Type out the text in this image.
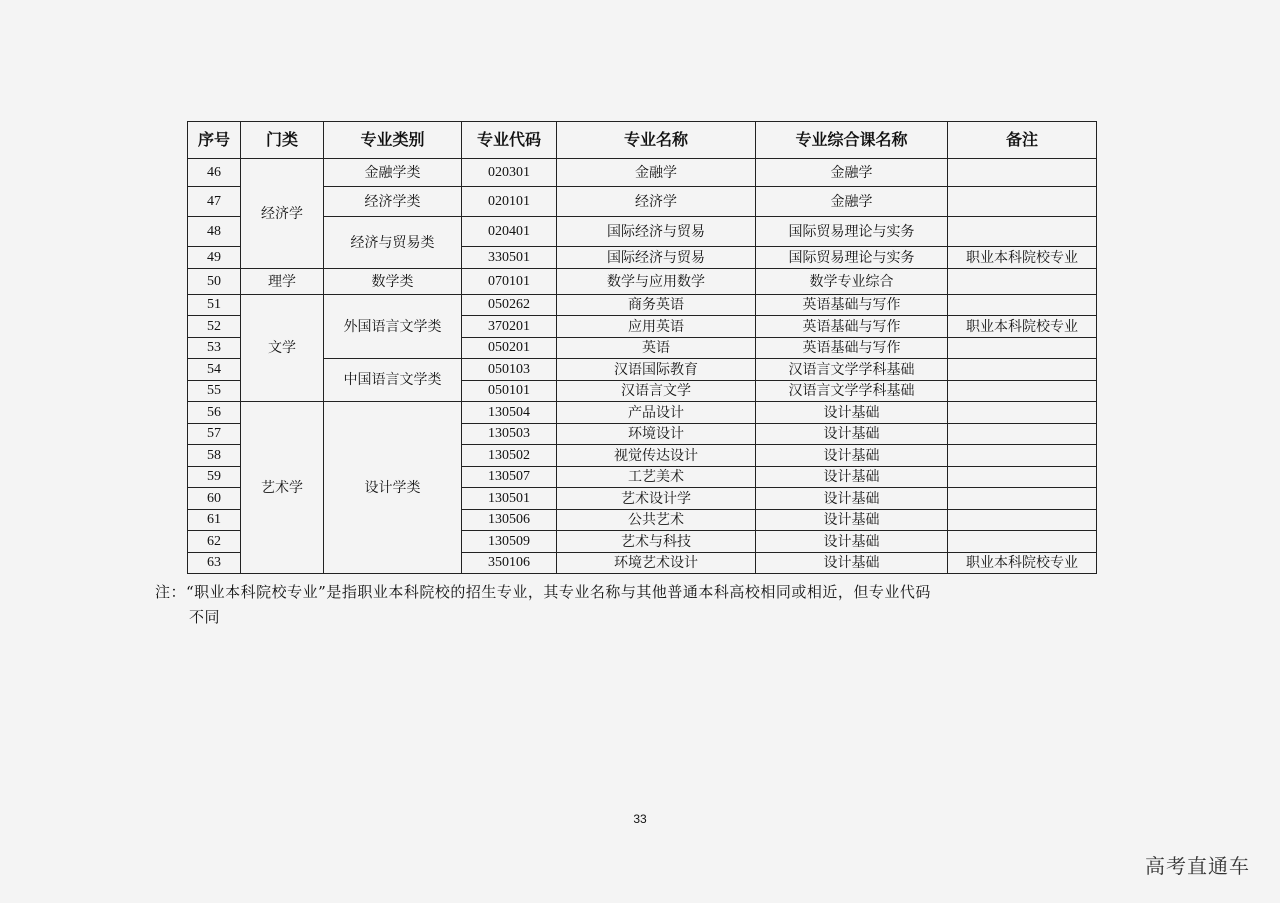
序号	门类	专业类别	专业代码	专业名称	专业综合课名称	备注
46	经济学	金融学类	020301	金融学	金融学	
47		经济学类	020101	经济学	金融学	
48		经济与贸易类	020401	国际经济与贸易	国际贸易理论与实务	
49			330501	国际经济与贸易	国际贸易理论与实务	职业本科院校专业
50	理学	数学类	070101	数学与应用数学	数学专业综合	
51	文学	外国语言文学类	050262	商务英语	英语基础与写作	
52			370201	应用英语	英语基础与写作	职业本科院校专业
53			050201	英语	英语基础与写作	
54		中国语言文学类	050103	汉语国际教育	汉语言文学学科基础	
55			050101	汉语言文学	汉语言文学学科基础	
56	艺术学	设计学类	130504	产品设计	设计基础	
57			130503	环境设计	设计基础	
58			130502	视觉传达设计	设计基础	
59			130507	工艺美术	设计基础	
60			130501	艺术设计学	设计基础	
61			130506	公共艺术	设计基础	
62			130509	艺术与科技	设计基础	
63			350106	环境艺术设计	设计基础	职业本科院校专业
注：“职业本科院校专业”是指职业本科院校的招生专业，其专业名称与其他普通本科高校相同或相近，但专业代码
不同
33
高考直通车
